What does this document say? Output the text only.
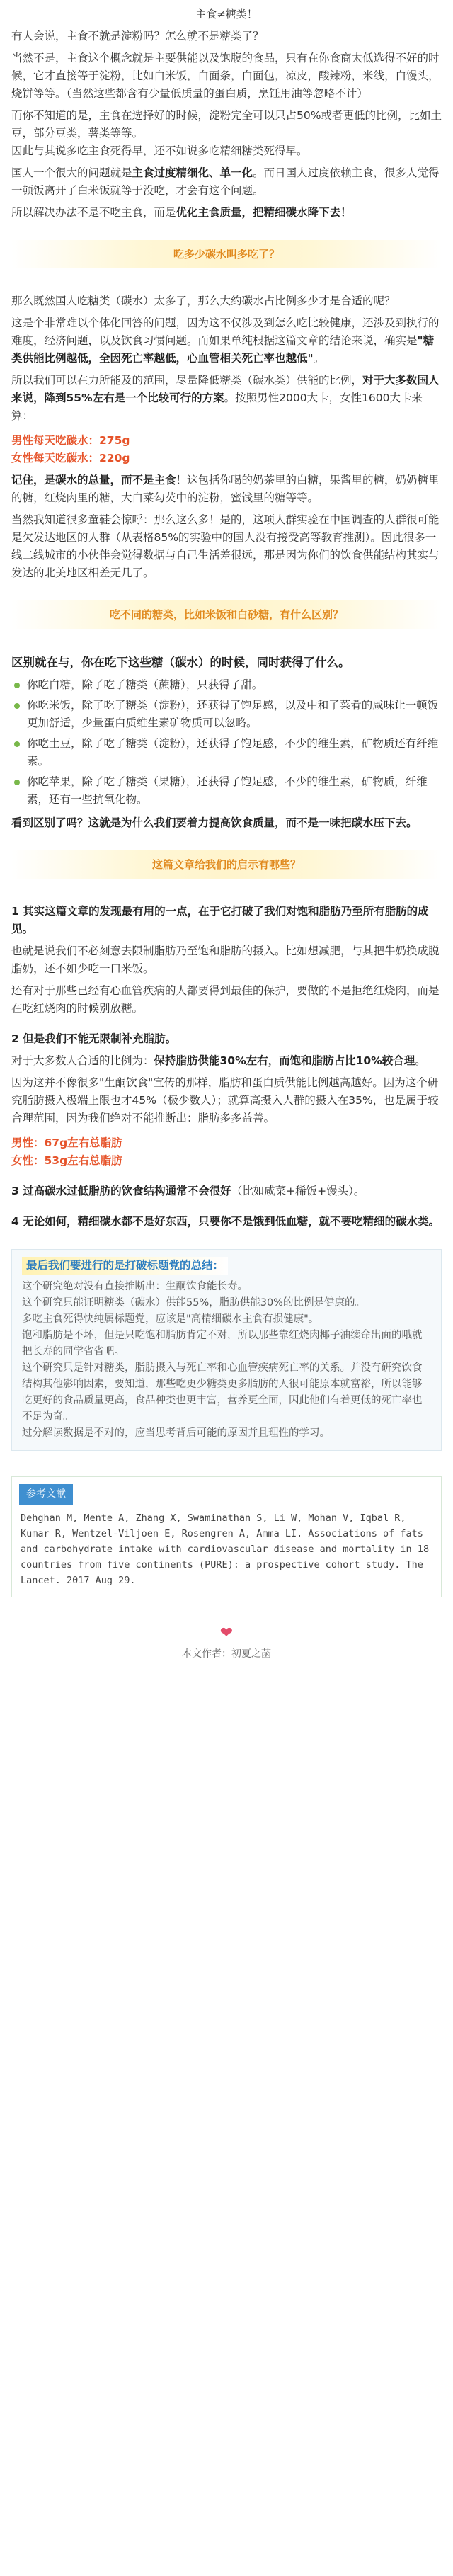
主食≠糖类！

有人会说，主食不就是淀粉吗？怎么就不是糖类了？

当然不是，主食这个概念就是主要供能以及饱腹的食品，只有在你食商太低选得不好的时候，它才直接等于淀粉，比如白米饭，白面条，白面包，凉皮，酸辣粉，米线，白馒头，烧饼等等。（当然这些都含有少量低质量的蛋白质，烹饪用油等忽略不计）

而你不知道的是，主食在选择好的时候，淀粉完全可以只占50%或者更低的比例，比如土豆，部分豆类，薯类等等。
因此与其说多吃主食死得早，还不如说多吃精细糖类死得早。

国人一个很大的问题就是主食过度精细化、单一化。而日国人过度依赖主食，很多人觉得一顿饭离开了白米饭就等于没吃，才会有这个问题。

所以解决办法不是不吃主食，而是优化主食质量，把精细碳水降下去！

吃多少碳水叫多吃了？

那么既然国人吃糖类（碳水）太多了，那么大约碳水占比例多少才是合适的呢？

这是个非常难以个体化回答的问题，因为这不仅涉及到怎么吃比较健康，还涉及到执行的难度，经济问题，以及饮食习惯问题。而如果单纯根据这篇文章的结论来说，确实是"糖类供能比例越低，全因死亡率越低，心血管相关死亡率也越低"。

所以我们可以在力所能及的范围，尽量降低糖类（碳水类）供能的比例，对于大多数国人来说，降到55%左右是一个比较可行的方案。按照男性2000大卡，女性1600大卡来算：

男性每天吃碳水：275g

女性每天吃碳水：220g

记住，是碳水的总量，而不是主食！这包括你喝的奶茶里的白糖，果酱里的糖，奶奶糖里的糖，红烧肉里的糖，大白菜勾芡中的淀粉，蜜饯里的糖等等。

当然我知道很多童鞋会惊呼：那么这么多！是的，这项人群实验在中国调查的人群很可能是欠发达地区的人群（从表格85%的实验中的国人没有接受高等教育推测）。因此很多一线二线城市的小伙伴会觉得数据与自己生活差很远，那是因为你们的饮食供能结构其实与发达的北美地区相差无几了。

吃不同的糖类，比如米饭和白砂糖，有什么区别？

区别就在与，你在吃下这些糖（碳水）的时候，同时获得了什么。

你吃白糖，除了吃了糖类（蔗糖），只获得了甜。
你吃米饭，除了吃了糖类（淀粉），还获得了饱足感，以及中和了菜肴的咸味让一顿饭更加舒适，少量蛋白质维生素矿物质可以忽略。
你吃土豆，除了吃了糖类（淀粉），还获得了饱足感，不少的维生素，矿物质还有纤维素。
你吃苹果，除了吃了糖类（果糖），还获得了饱足感，不少的维生素，矿物质，纤维素，还有一些抗氧化物。

看到区别了吗？这就是为什么我们要着力提高饮食质量，而不是一味把碳水压下去。

这篇文章给我们的启示有哪些？

1 其实这篇文章的发现最有用的一点，在于它打破了我们对饱和脂肪乃至所有脂肪的成见。

也就是说我们不必刻意去限制脂肪乃至饱和脂肪的摄入。比如想减肥，与其把牛奶换成脱脂奶，还不如少吃一口米饭。

还有对于那些已经有心血管疾病的人都要得到最佳的保护，要做的不是拒绝红烧肉，而是在吃红烧肉的时候别放糖。

2 但是我们不能无限制补充脂肪。

对于大多数人合适的比例为：保持脂肪供能30%左右，而饱和脂肪占比10%较合理。

因为这并不像很多"生酮饮食"宣传的那样，脂肪和蛋白质供能比例越高越好。因为这个研究脂肪摄入极端上限也才45%（极少数人）；就算高摄入人群的摄入在35%，也是属于较合理范围，因为我们绝对不能推断出：脂肪多多益善。

男性：67g左右总脂肪

女性：53g左右总脂肪

3 过高碳水过低脂肪的饮食结构通常不会很好（比如咸菜+稀饭+馒头）。

4 无论如何，精细碳水都不是好东西，只要你不是饿到低血糖，就不要吃精细的碳水类。

最后我们要进行的是打破标题党的总结：

这个研究绝对没有直接推断出：生酮饮食能长寿。

这个研究只能证明糖类（碳水）供能55%，脂肪供能30%的比例是健康的。

多吃主食死得快纯属标题党，应该是"高精细碳水主食有损健康"。

饱和脂肪是不坏，但是只吃饱和脂肪肯定不对，所以那些靠红烧肉椰子油续命出面的哦就把长寿的同学省省吧。

这个研究只是针对糖类，脂肪摄入与死亡率和心血管疾病死亡率的关系。并没有研究饮食结构其他影响因素，要知道，那些吃更少糖类更多脂肪的人很可能原本就富裕，所以能够吃更好的食品质量更高，食品种类也更丰富，营养更全面，因此他们有着更低的死亡率也不足为奇。

过分解读数据是不对的，应当思考背后可能的原因并且理性的学习。

参考文献
Dehghan M, Mente A, Zhang X, Swaminathan S, Li W, Mohan V, Iqbal R, Kumar R, Wentzel-Viljoen E, Rosengren A, Amma LI. Associations of fats and carbohydrate intake with cardiovascular disease and mortality in 18 countries from five continents (PURE): a prospective cohort study. The Lancet. 2017 Aug 29.
❤
本文作者：初夏之菡
